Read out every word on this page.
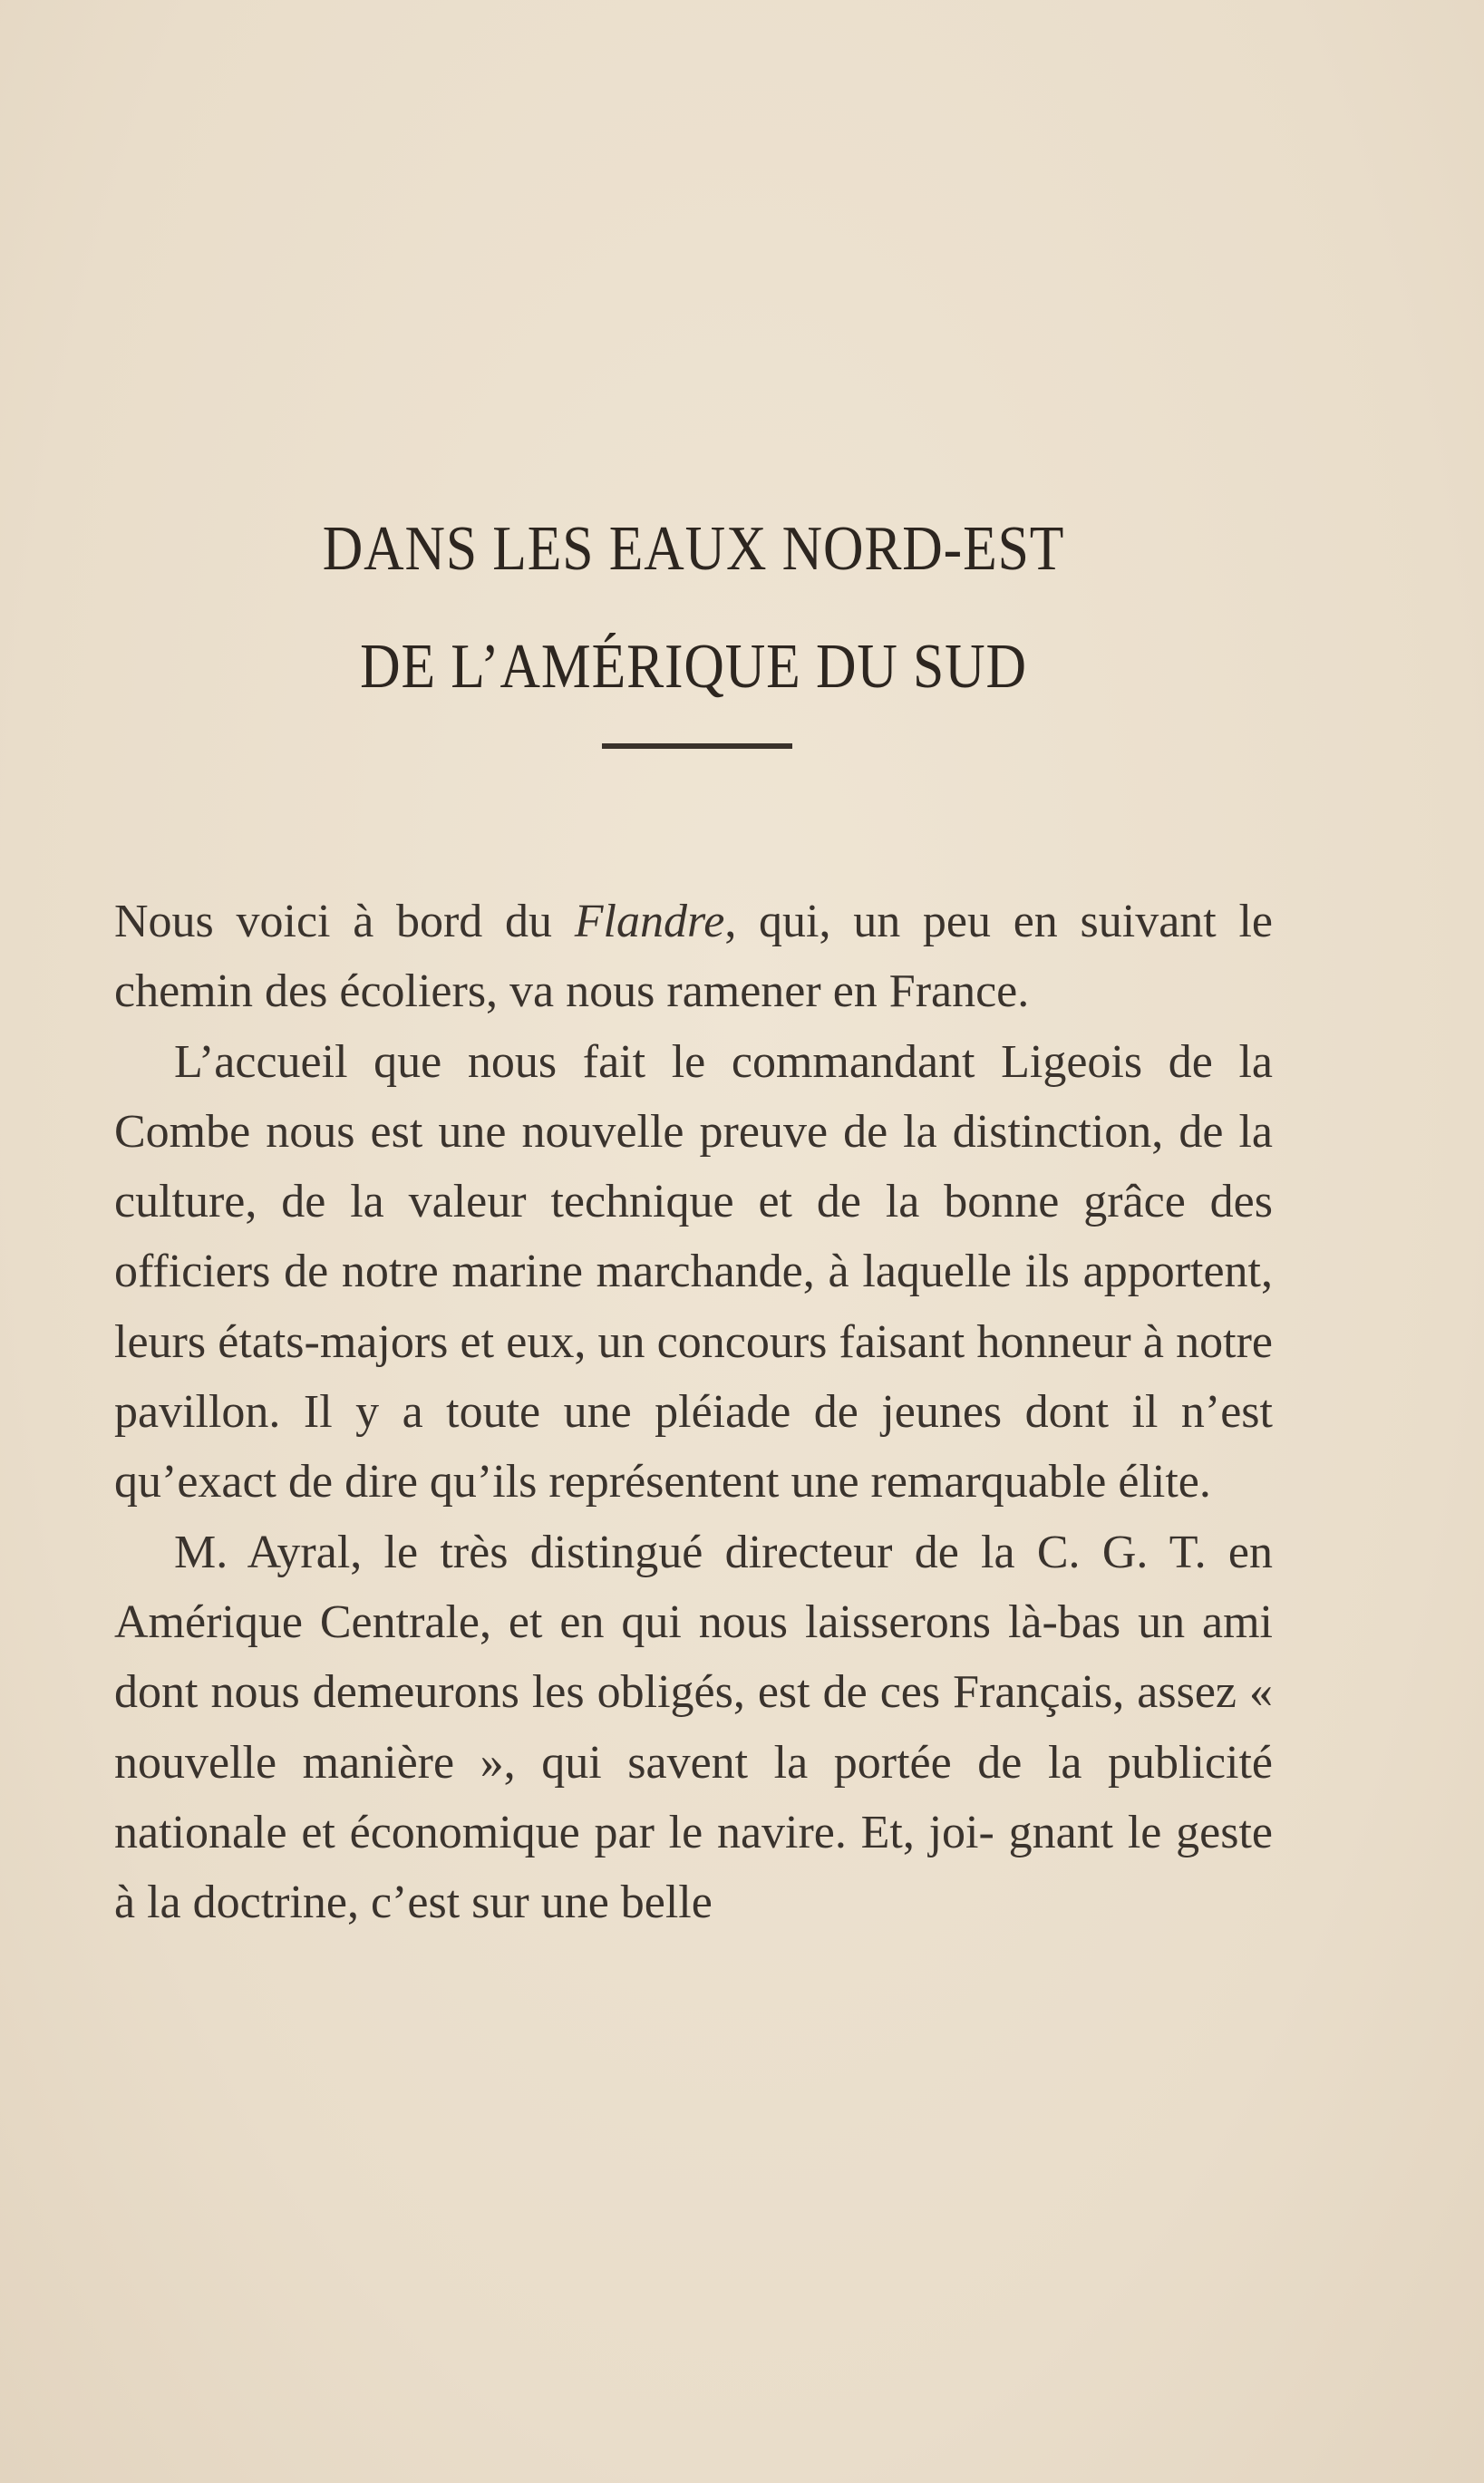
DANS LES EAUX NORD-EST
DE L’AMÉRIQUE DU SUD

Nous voici à bord du Flandre, qui, un peu en suivant le chemin des écoliers, va nous ramener en France.

L’accueil que nous fait le commandant Ligeois de la Combe nous est une nouvelle preuve de la distinction, de la culture, de la valeur technique et de la bonne grâce des officiers de notre marine marchande, à laquelle ils apportent, leurs états-majors et eux, un concours faisant honneur à notre pavillon. Il y a toute une pléiade de jeunes dont il n’est qu’exact de dire qu’ils représentent une remarquable élite.

M. Ayral, le très distingué directeur de la C. G. T. en Amérique Centrale, et en qui nous laisserons là-bas un ami dont nous demeurons les obligés, est de ces Français, assez « nouvelle manière », qui savent la portée de la publicité nationale et économique par le navire. Et, joi- gnant le geste à la doctrine, c’est sur une belle
